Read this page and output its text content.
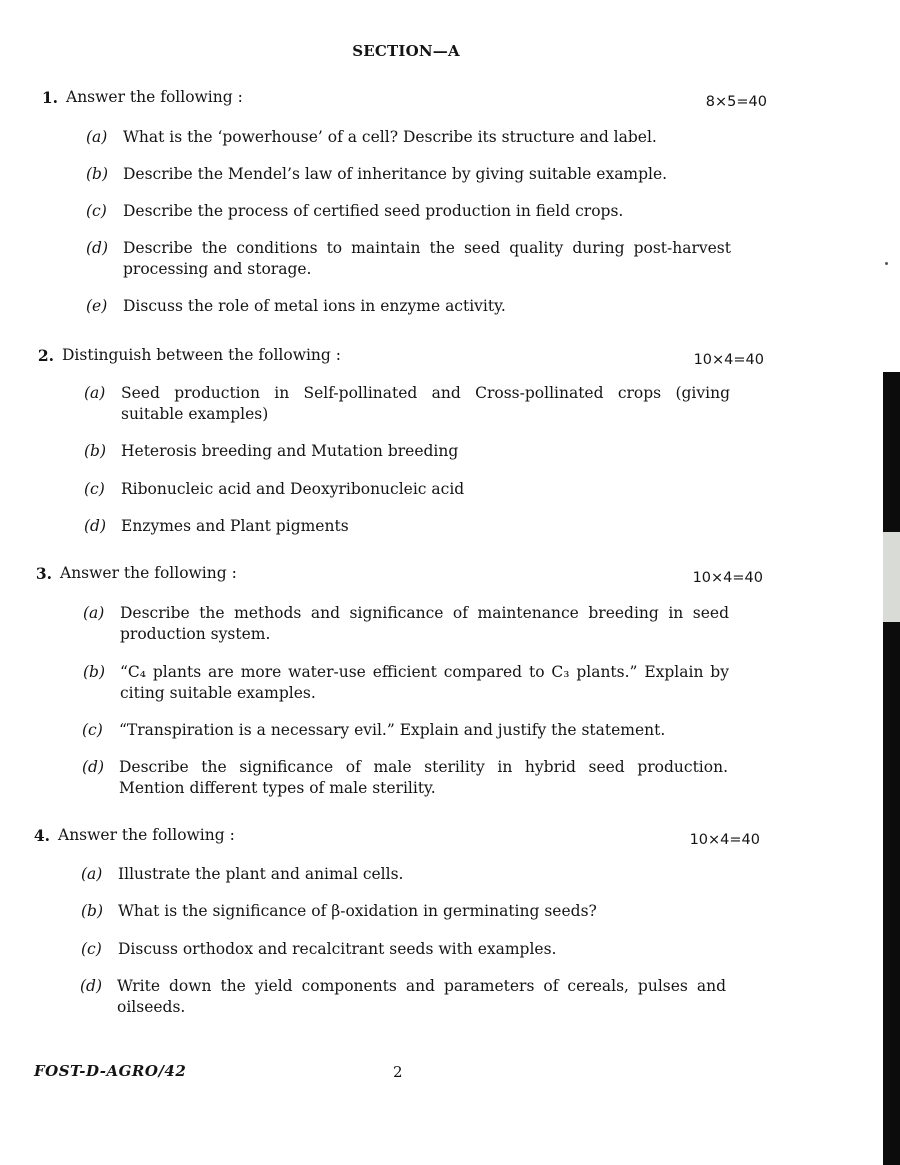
SECTION—A
1. Answer the following :	8×5=40
(a) What is the ‘powerhouse’ of a cell? Describe its structure and label.
(b) Describe the Mendel’s law of inheritance by giving suitable example.
(c) Describe the process of certified seed production in field crops.
(d) Describe the conditions to maintain the seed quality during post-harvest processing and storage.
(e) Discuss the role of metal ions in enzyme activity.
2. Distinguish between the following :	10×4=40
(a) Seed production in Self-pollinated and Cross-pollinated crops (giving suitable examples)
(b) Heterosis breeding and Mutation breeding
(c) Ribonucleic acid and Deoxyribonucleic acid
(d) Enzymes and Plant pigments
3. Answer the following :	10×4=40
(a) Describe the methods and significance of maintenance breeding in seed production system.
(b) “C₄ plants are more water-use efficient compared to C₃ plants.” Explain by citing suitable examples.
(c) “Transpiration is a necessary evil.” Explain and justify the statement.
(d) Describe the significance of male sterility in hybrid seed production. Mention different types of male sterility.
4. Answer the following :	10×4=40
(a) Illustrate the plant and animal cells.
(b) What is the significance of β-oxidation in germinating seeds?
(c) Discuss orthodox and recalcitrant seeds with examples.
(d) Write down the yield components and parameters of cereals, pulses and oilseeds.
FOST-D-AGRO/42	2
